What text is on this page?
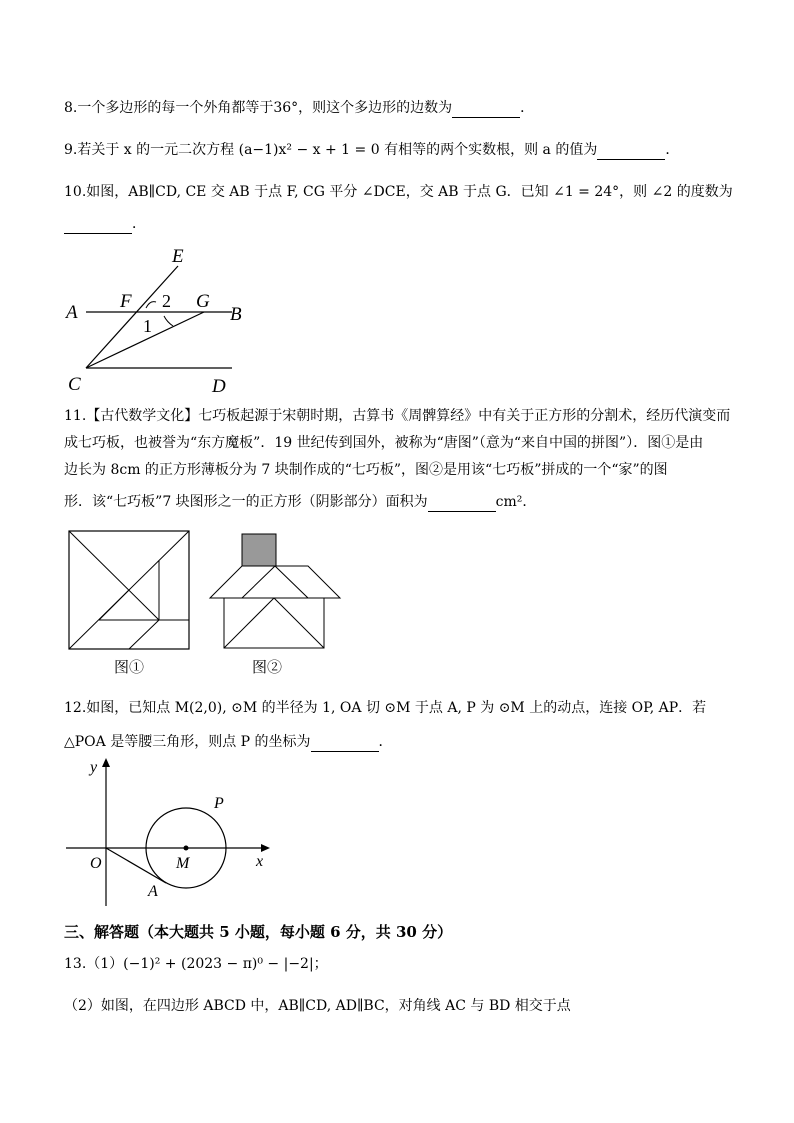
8.一个多边形的每一个外角都等于36°，则这个多边形的边数为	．
9.若关于 x 的一元二次方程 (a−1)x² − x + 1 = 0 有相等的两个实数根，则 a 的值为	．
10.如图，AB∥CD, CE 交 AB 于点 F, CG 平分 ∠DCE，交 AB 于点 G．已知 ∠1 = 24°，则 ∠2 的度数为
．
E
A
F 2 G
B
1
C	D
11.【古代数学文化】七巧板起源于宋朝时期，古算书《周髀算经》中有关于正方形的分割术，经历代演变而
成七巧板，也被誉为“东方魔板”．19 世纪传到国外，被称为“唐图”（意为“来自中国的拼图”）．图①是由
边长为 8cm 的正方形薄板分为 7 块制作成的“七巧板”，图②是用该“七巧板”拼成的一个“家”的图
形．该“七巧板”7 块图形之一的正方形（阴影部分）面积为	cm²．
图①	图②
12.如图，已知点 M(2,0), ⊙M 的半径为 1, OA 切 ⊙M 于点 A, P 为 ⊙M 上的动点，连接 OP, AP．若
△POA 是等腰三角形，则点 P 的坐标为	．
y
x
O	M
A
P
三、解答题（本大题共 5 小题，每小题 6 分，共 30 分）
13.（1）(−1)² + (2023 − π)⁰ − |−2|；
（2）如图，在四边形 ABCD 中，AB∥CD, AD∥BC，对角线 AC 与 BD 相交于点
